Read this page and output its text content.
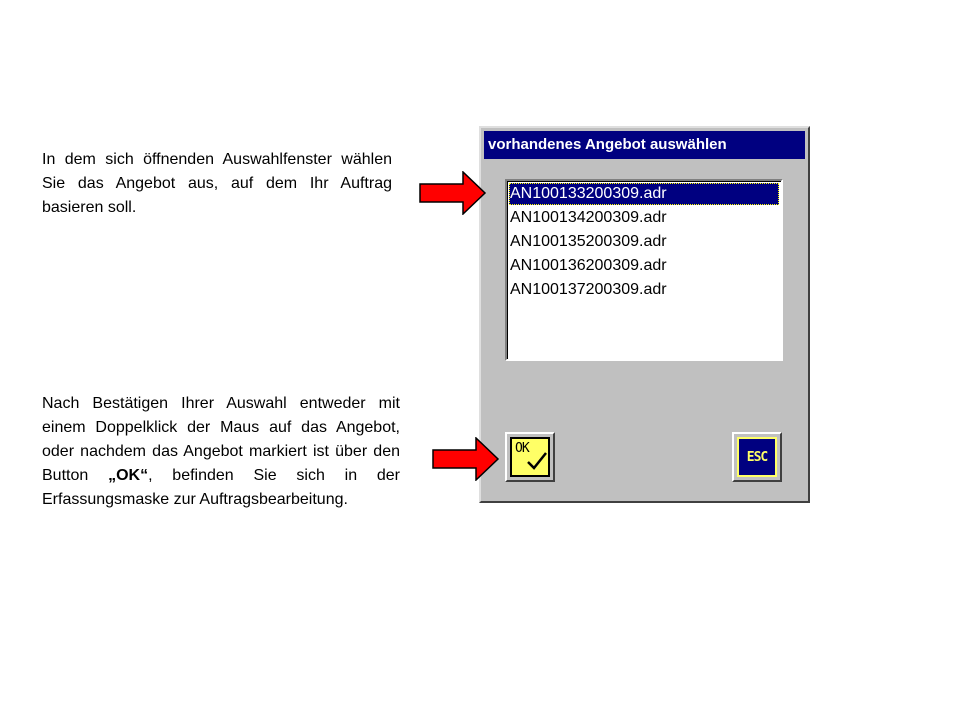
In dem sich öffnenden Auswahlfenster wählen Sie das Angebot aus, auf dem Ihr Auftrag basieren soll.
Nach Bestätigen Ihrer Auswahl entweder mit einem Doppelklick der Maus auf das Angebot, oder nachdem das Angebot markiert ist über den Button „OK“, befinden Sie sich in der Erfassungsmaske zur Auftragsbearbeitung.
vorhandenes Angebot auswählen
AN100133200309.adr
AN100134200309.adr
AN100135200309.adr
AN100136200309.adr
AN100137200309.adr
OK
ESC
